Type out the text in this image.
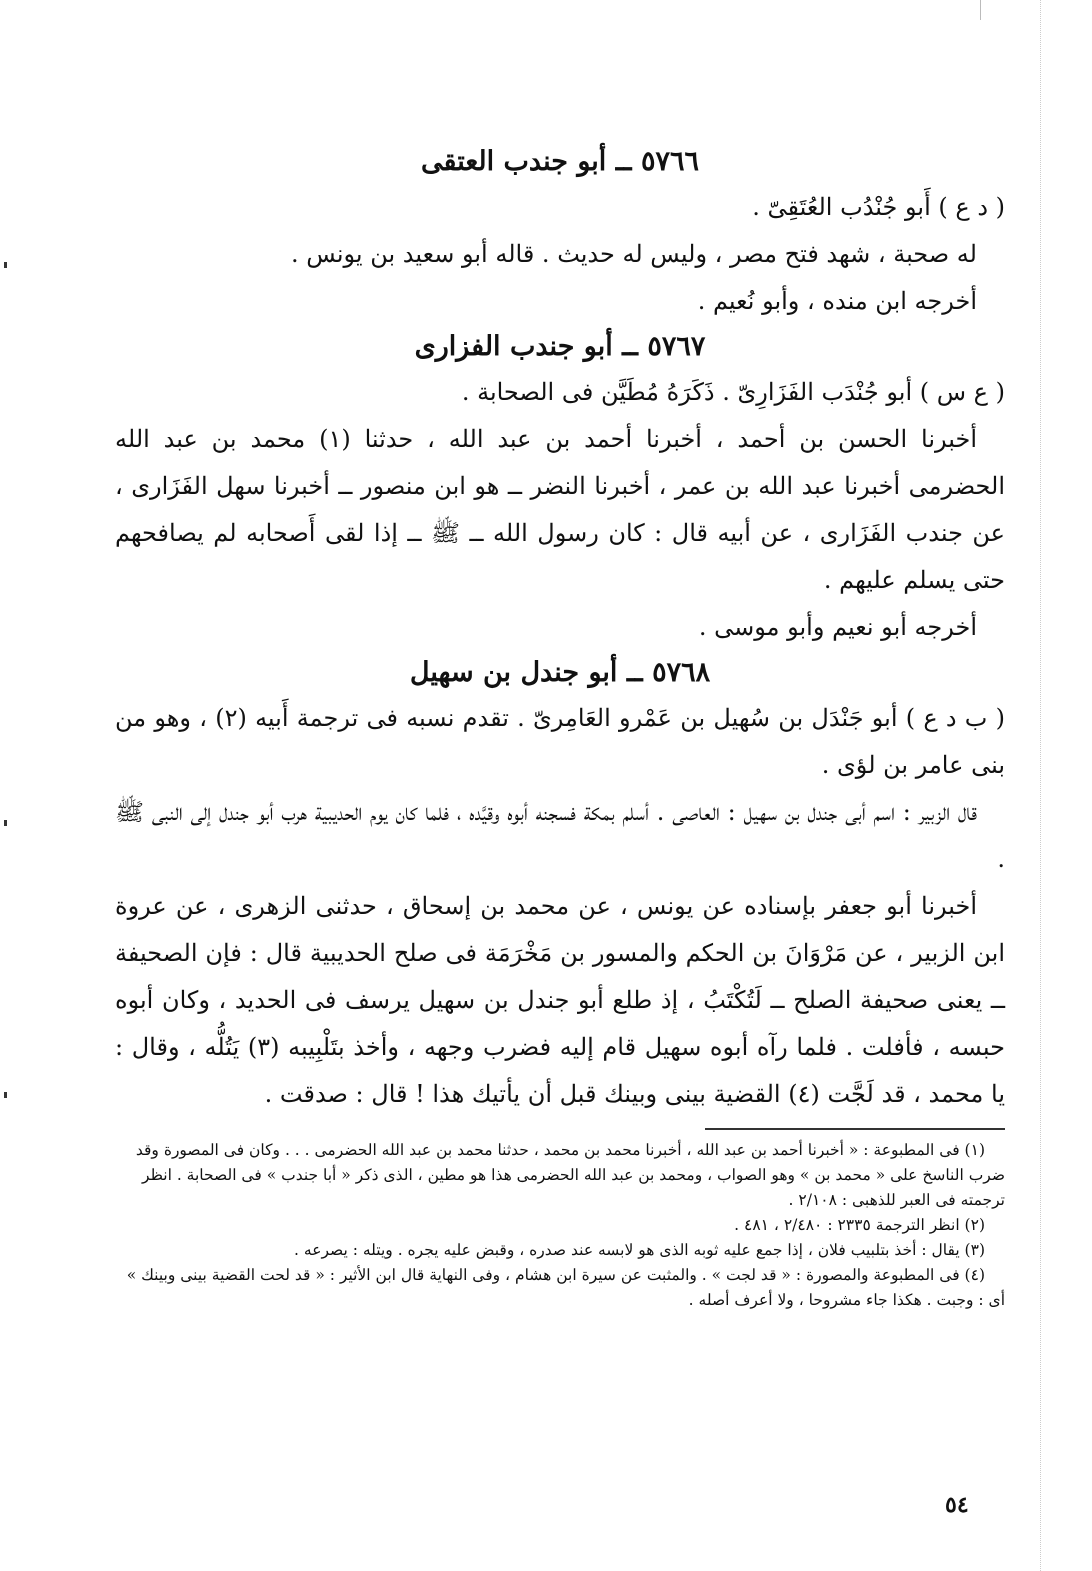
٥٧٦٦ ــ أبو جندب العتقى

( د ع ) أَبو جُنْدُب العُتَقِىّ .

له صحبة ، شهد فتح مصر ، وليس له حديث . قاله أبو سعيد بن يونس .

أخرجه ابن منده ، وأبو نُعيم .

٥٧٦٧ ــ أبو جندب الفزارى

( ع س ) أبو جُنْدَب الفَزَارِىّ . ذَكَرَهُ مُطَيَّن فى الصحابة .

أخبرنا الحسن بن أحمد ، أخبرنا أحمد بن عبد الله ، حدثنا (١) محمد بن عبد الله الحضرمى أخبرنا عبد الله بن عمر ، أخبرنا النضر ــ هو ابن منصور ــ أخبرنا سهل الفَزَارى ، عن جندب الفَزَارى ، عن أبيه قال : كان رسول الله ــ ﷺ ــ إذا لقى أَصحابه لم يصافحهم حتى يسلم عليهم .

أخرجه أبو نعيم وأبو موسى .

٥٧٦٨ ــ أبو جندل بن سهيل

( ب د ع ) أبو جَنْدَل بن سُهيل بن عَمْرو العَامِرىّ . تقدم نسبه فى ترجمة أَبيه (٢) ، وهو من بنى عامر بن لؤى .

قال الزبير : اسم أبى جندل بن سهيل : العاصى . أسلم بمكة فسجنه أبوه وقيَّده ، فلما كان يوم الحديبية هرب أبو جندل إلى النبى ﷺ .

أخبرنا أبو جعفر بإسناده عن يونس ، عن محمد بن إسحاق ، حدثنى الزهرى ، عن عروة ابن الزبير ، عن مَرْوَانَ بن الحكم والمسور بن مَخْرَمَة فى صلح الحديبية قال : فإن الصحيفة ــ يعنى صحيفة الصلح ــ لَتُكْتَبُ ، إذ طلع أبو جندل بن سهيل يرسف فى الحديد ، وكان أبوه حبسه ، فأفلت . فلما رآه أبوه سهيل قام إليه فضرب وجهه ، وأخذ بتَلْبِيبه (٣) يَتُلُّه ، وقال : يا محمد ، قد لَجَّت (٤) القضية بينى وبينك قبل أن يأتيك هذا ! قال : صدقت .

(١) فى المطبوعة : « أخبرنا أحمد بن عبد الله ، أخبرنا محمد بن محمد ، حدثنا محمد بن عبد الله الحضرمى . . . وكان فى المصورة وقد ضرب الناسخ على « محمد بن » وهو الصواب ، ومحمد بن عبد الله الحضرمى هذا هو مطين ، الذى ذكر « أبا جندب » فى الصحابة . انظر ترجمته فى العبر للذهبى : ٢/١٠٨ .

(٢) انظر الترجمة ٢٣٣٥ : ٢/٤٨٠ ، ٤٨١ .

(٣) يقال : أخذ بتلبيب فلان ، إذا جمع عليه ثوبه الذى هو لابسه عند صدره ، وقبض عليه يجره . ويتله : يصرعه .

(٤) فى المطبوعة والمصورة : « قد لجت » . والمثبت عن سيرة ابن هشام ، وفى النهاية قال ابن الأثير : « قد لحت القضية بينى وبينك » أى : وجبت . هكذا جاء مشروحا ، ولا أعرف أصله .

٥٤
